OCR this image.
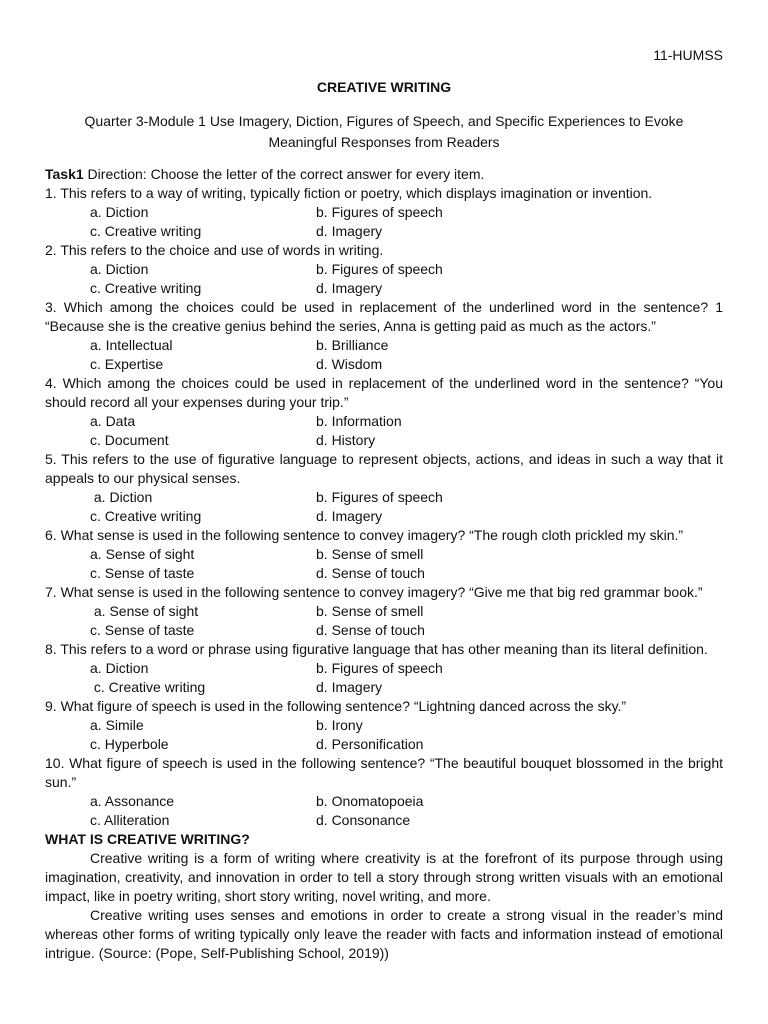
11-HUMSS
CREATIVE WRITING
Quarter 3-Module 1 Use Imagery, Diction, Figures of Speech, and Specific Experiences to Evoke Meaningful Responses from Readers

Task1 Direction: Choose the letter of the correct answer for every item.

1. This refers to a way of writing, typically fiction or poetry, which displays imagination or invention.

a. Diction	b. Figures of speech
c. Creative writing	d. Imagery

2. This refers to the choice and use of words in writing.

a. Diction	b. Figures of speech
c. Creative writing	d. Imagery

3. Which among the choices could be used in replacement of the underlined word in the sentence? 1 “Because she is the creative genius behind the series, Anna is getting paid as much as the actors.”

a. Intellectual	b. Brilliance
c. Expertise	d. Wisdom

4. Which among the choices could be used in replacement of the underlined word in the sentence? “You should record all your expenses during your trip.”

a. Data	b. Information
c. Document	d. History

5. This refers to the use of figurative language to represent objects, actions, and ideas in such a way that it appeals to our physical senses.

a. Diction	b. Figures of speech
c. Creative writing	d. Imagery

6. What sense is used in the following sentence to convey imagery? “The rough cloth prickled my skin.”

a. Sense of sight	b. Sense of smell
c. Sense of taste	d. Sense of touch

7. What sense is used in the following sentence to convey imagery? “Give me that big red grammar book.”

a. Sense of sight	b. Sense of smell
c. Sense of taste	d. Sense of touch

8. This refers to a word or phrase using figurative language that has other meaning than its literal definition.

a. Diction	b. Figures of speech
c. Creative writing	d. Imagery

9. What figure of speech is used in the following sentence? “Lightning danced across the sky.”

a. Simile	b. Irony
c. Hyperbole	d. Personification

10. What figure of speech is used in the following sentence? “The beautiful bouquet blossomed in the bright sun.”

a. Assonance	b. Onomatopoeia
c. Alliteration	d. Consonance

WHAT IS CREATIVE WRITING?

Creative writing is a form of writing where creativity is at the forefront of its purpose through using imagination, creativity, and innovation in order to tell a story through strong written visuals with an emotional impact, like in poetry writing, short story writing, novel writing, and more.

Creative writing uses senses and emotions in order to create a strong visual in the reader’s mind whereas other forms of writing typically only leave the reader with facts and information instead of emotional intrigue. (Source: (Pope, Self-Publishing School, 2019))
